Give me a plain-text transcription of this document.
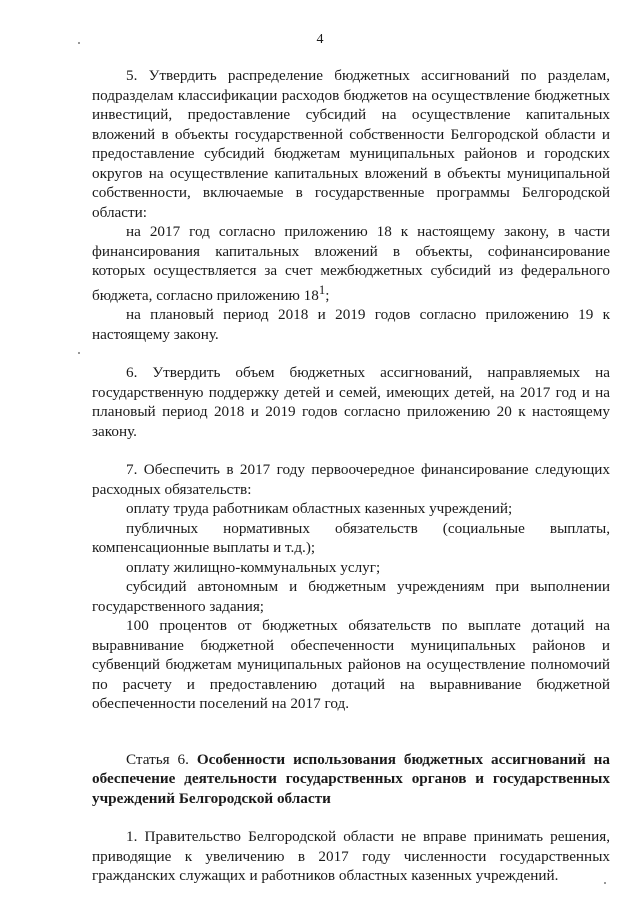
4

5. Утвердить распределение бюджетных ассигнований по разделам, подразделам классификации расходов бюджетов на осуществление бюджетных инвестиций, предоставление субсидий на осуществление капитальных вложений в объекты государственной собственности Белгородской области и предоставление субсидий бюджетам муниципальных районов и городских округов на осуществление капитальных вложений в объекты муниципальной собственности, включаемые в государственные программы Белгородской области:

на 2017 год согласно приложению 18 к настоящему закону, в части финансирования капитальных вложений в объекты, софинансирование которых осуществляется за счет межбюджетных субсидий из федерального бюджета, согласно приложению $18^1$;

на плановый период 2018 и 2019 годов согласно приложению 19 к настоящему закону.

6. Утвердить объем бюджетных ассигнований, направляемых на государственную поддержку детей и семей, имеющих детей, на 2017 год и на плановый период 2018 и 2019 годов согласно приложению 20 к настоящему закону.

7. Обеспечить в 2017 году первоочередное финансирование следующих расходных обязательств:

оплату труда работникам областных казенных учреждений;

публичных нормативных обязательств (социальные выплаты, компенсационные выплаты и т.д.);

оплату жилищно-коммунальных услуг;

субсидий автономным и бюджетным учреждениям при выполнении государственного задания;

100 процентов от бюджетных обязательств по выплате дотаций на выравнивание бюджетной обеспеченности муниципальных районов и субвенций бюджетам муниципальных районов на осуществление полномочий по расчету и предоставлению дотаций на выравнивание бюджетной обеспеченности поселений на 2017 год.

Статья 6. Особенности использования бюджетных ассигнований на обеспечение деятельности государственных органов и государственных учреждений Белгородской области

1. Правительство Белгородской области не вправе принимать решения, приводящие к увеличению в 2017 году численности государственных гражданских служащих и работников областных казенных учреждений.
